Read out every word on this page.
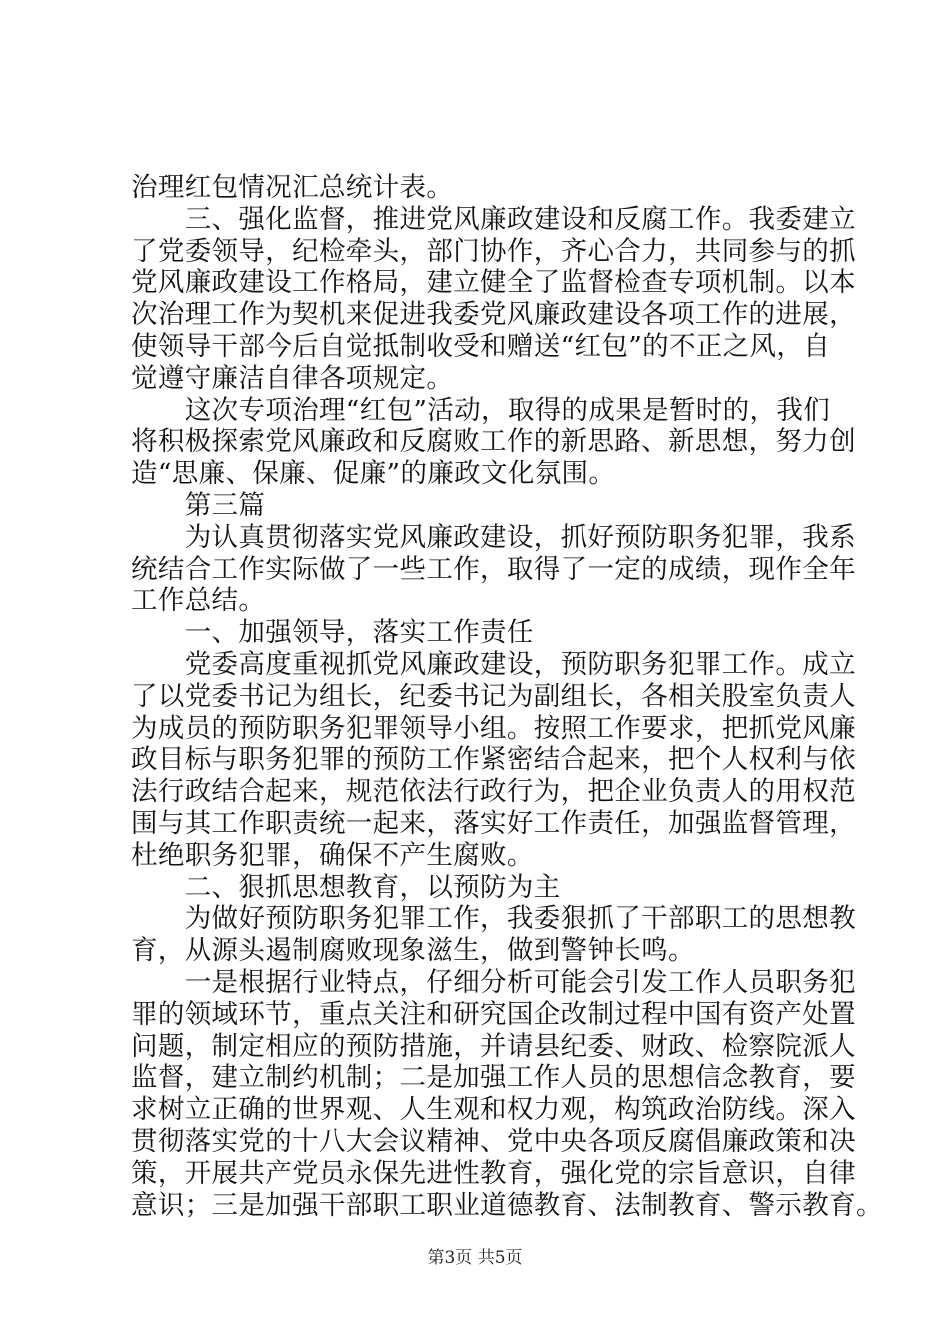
治理红包情况汇总统计表。
　　三、强化监督，推进党风廉政建设和反腐工作。我委建立
了党委领导，纪检牵头，部门协作，齐心合力，共同参与的抓
党风廉政建设工作格局，建立健全了监督检查专项机制。以本
次治理工作为契机来促进我委党风廉政建设各项工作的进展，
使领导干部今后自觉抵制收受和赠送“红包”的不正之风，自
觉遵守廉洁自律各项规定。
　　这次专项治理“红包”活动，取得的成果是暂时的，我们
将积极探索党风廉政和反腐败工作的新思路、新思想，努力创
造“思廉、保廉、促廉”的廉政文化氛围。
　　第三篇
　　为认真贯彻落实党风廉政建设，抓好预防职务犯罪，我系
统结合工作实际做了一些工作，取得了一定的成绩，现作全年
工作总结。
　　一、加强领导，落实工作责任
　　党委高度重视抓党风廉政建设，预防职务犯罪工作。成立
了以党委书记为组长，纪委书记为副组长，各相关股室负责人
为成员的预防职务犯罪领导小组。按照工作要求，把抓党风廉
政目标与职务犯罪的预防工作紧密结合起来，把个人权利与依
法行政结合起来，规范依法行政行为，把企业负责人的用权范
围与其工作职责统一起来，落实好工作责任，加强监督管理，
杜绝职务犯罪，确保不产生腐败。
　　二、狠抓思想教育，以预防为主
　　为做好预防职务犯罪工作，我委狠抓了干部职工的思想教
育，从源头遏制腐败现象滋生，做到警钟长鸣。
　　一是根据行业特点，仔细分析可能会引发工作人员职务犯
罪的领域环节，重点关注和研究国企改制过程中国有资产处置
问题，制定相应的预防措施，并请县纪委、财政、检察院派人
监督，建立制约机制；二是加强工作人员的思想信念教育，要
求树立正确的世界观、人生观和权力观，构筑政治防线。深入
贯彻落实党的十八大会议精神、党中央各项反腐倡廉政策和决
策，开展共产党员永保先进性教育，强化党的宗旨意识，自律
意识；三是加强干部职工职业道德教育、法制教育、警示教育。
第3页 共5页
